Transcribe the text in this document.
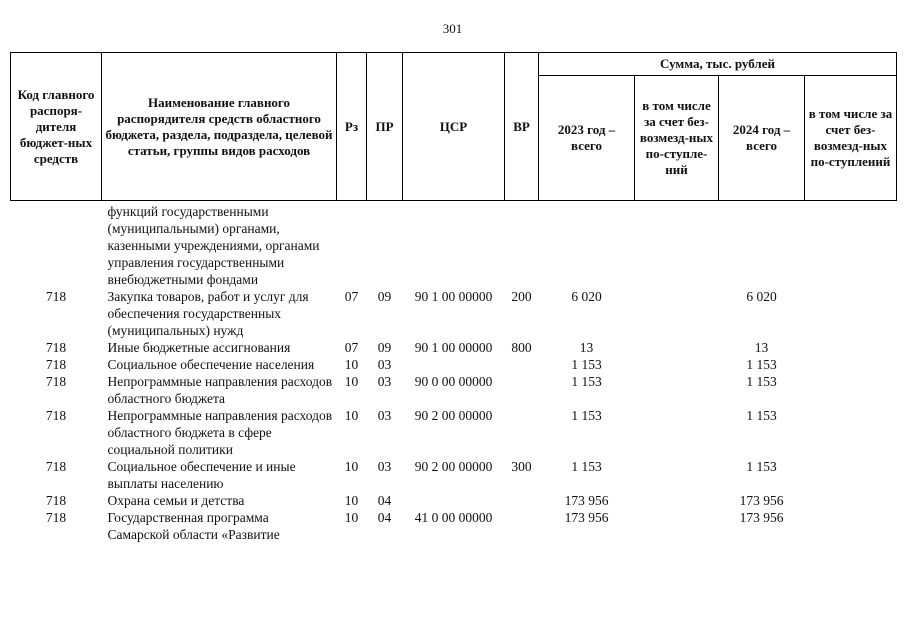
301
Код главного распоря-дителя бюджет-ных средств	Наименование главного распорядителя средств областного бюджета, раздела, подраздела, целевой статьи, группы видов расходов	Рз	ПР	ЦСР	ВР	Сумма, тыс. рублей			
						2023 год – всего	в том числе за счет без-возмезд-ных по-ступле-ний	2024 год – всего	в том числе за счет без-возмезд-ных по-ступлений
	функций государственными (муниципальными) органами, казенными учреждениями, органами управления государственными внебюджетными фондами								
718	Закупка товаров, работ и услуг для обеспечения государственных (муниципальных) нужд	07	09	90 1 00 00000	200	6 020		6 020	
718	Иные бюджетные ассигнования	07	09	90 1 00 00000	800	13		13	
718	Социальное обеспечение населения	10	03			1 153		1 153	
718	Непрограммные направления расходов областного бюджета	10	03	90 0 00 00000		1 153		1 153	
718	Непрограммные направления расходов областного бюджета в сфере социальной политики	10	03	90 2 00 00000		1 153		1 153	
718	Социальное обеспечение и иные выплаты населению	10	03	90 2 00 00000	300	1 153		1 153	
718	Охрана семьи и детства	10	04			173 956		173 956	
718	Государственная программа Самарской области «Развитие	10	04	41 0 00 00000		173 956		173 956	
